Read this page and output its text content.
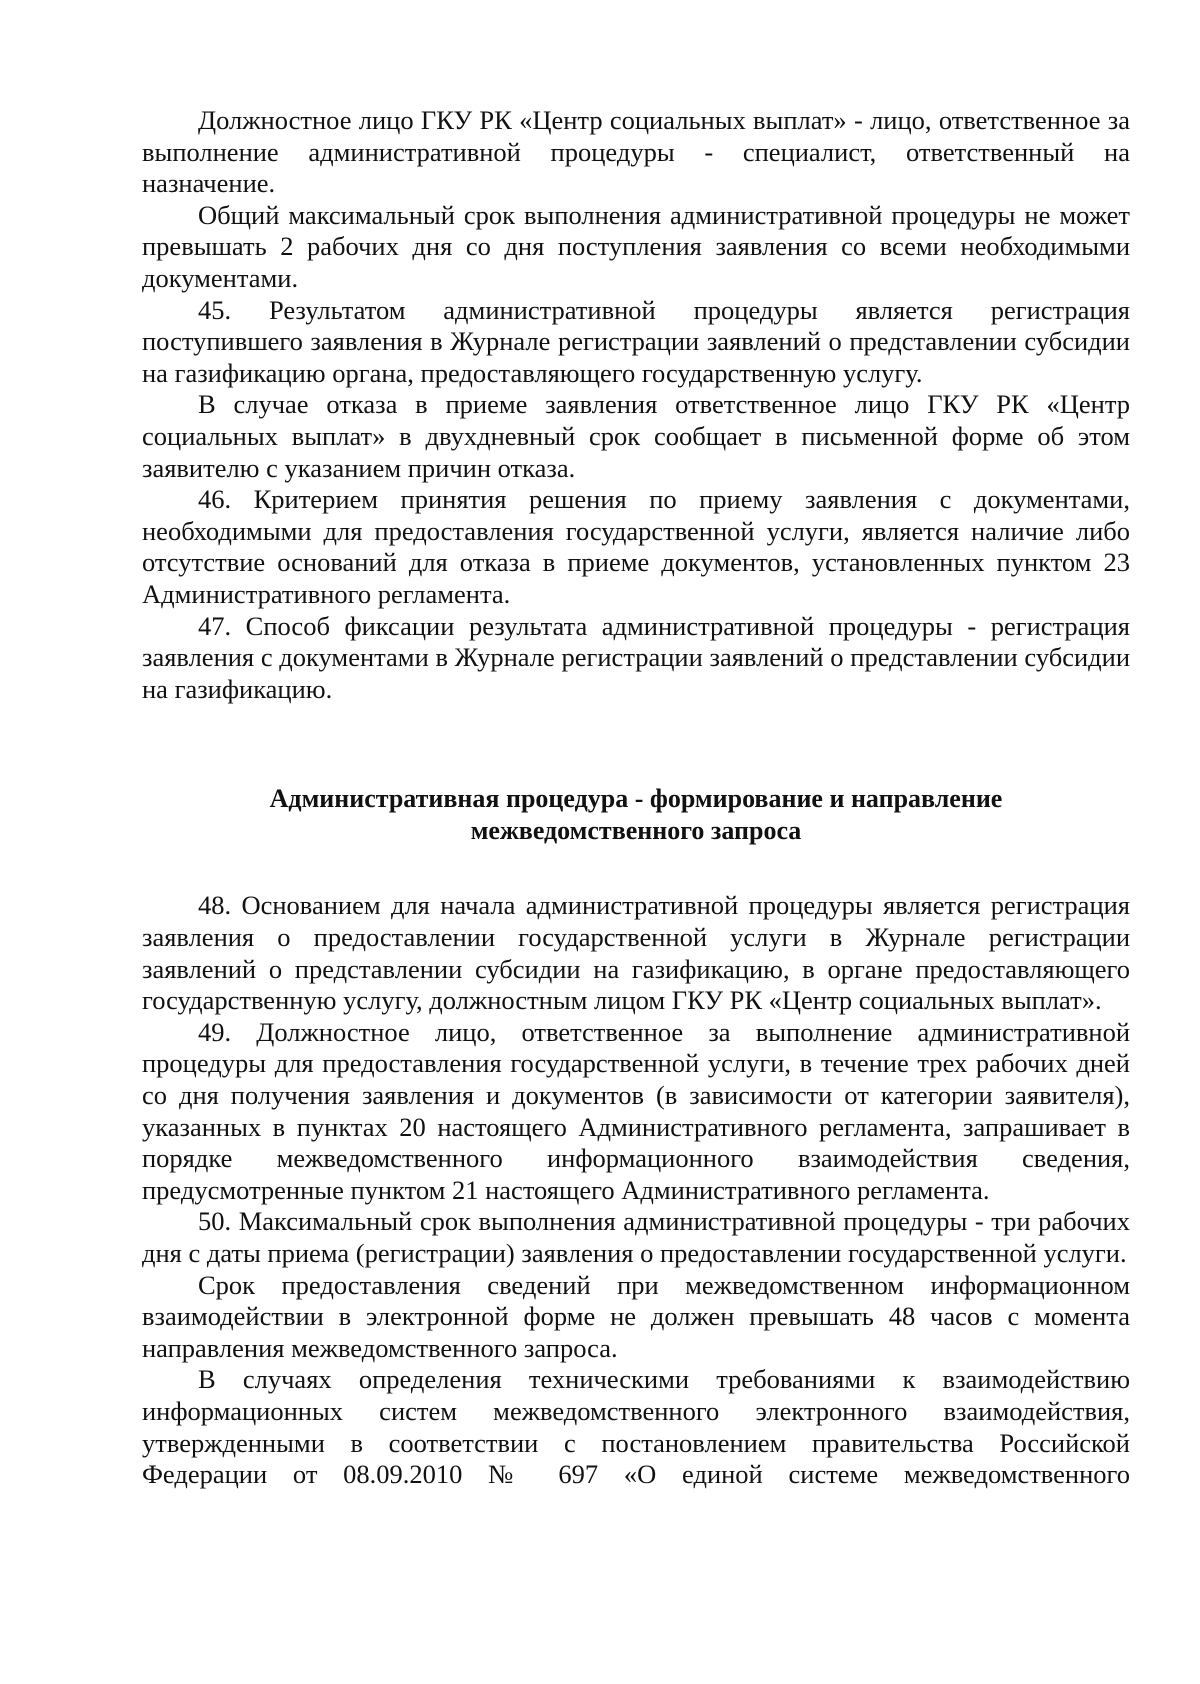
Должностное лицо ГКУ РК «Центр социальных выплат» - лицо, ответственное за выполнение административной процедуры - специалист, ответственный на назначение.

Общий максимальный срок выполнения административной процедуры не может превышать 2 рабочих дня со дня поступления заявления со всеми необходимыми документами.

45. Результатом административной процедуры является регистрация поступившего заявления в Журнале регистрации заявлений о представлении субсидии на газификацию органа, предоставляющего государственную услугу.

В случае отказа в приеме заявления ответственное лицо ГКУ РК «Центр социальных выплат» в двухдневный срок сообщает в письменной форме об этом заявителю с указанием причин отказа.

46. Критерием принятия решения по приему заявления с документами, необходимыми для предоставления государственной услуги, является наличие либо отсутствие оснований для отказа в приеме документов, установленных пунктом 23 Административного регламента.

47. Способ фиксации результата административной процедуры - регистрация заявления с документами в Журнале регистрации заявлений о представлении субсидии на газификацию.

Административная процедура - формирование и направление
межведомственного запроса

48. Основанием для начала административной процедуры является регистрация заявления о предоставлении государственной услуги в Журнале регистрации заявлений о представлении субсидии на газификацию, в органе предоставляющего государственную услугу, должностным лицом ГКУ РК «Центр социальных выплат».

49. Должностное лицо, ответственное за выполнение административной процедуры для предоставления государственной услуги, в течение трех рабочих дней со дня получения заявления и документов (в зависимости от категории заявителя), указанных в пунктах 20 настоящего Административного регламента, запрашивает в порядке межведомственного информационного взаимодействия сведения, предусмотренные пунктом 21 настоящего Административного регламента.

50. Максимальный срок выполнения административной процедуры - три рабочих дня с даты приема (регистрации) заявления о предоставлении государственной услуги.

Срок предоставления сведений при межведомственном информационном взаимодействии в электронной форме не должен превышать 48 часов с момента направления межведомственного запроса.

В случаях определения техническими требованиями к взаимодействию информационных систем межведомственного электронного взаимодействия, утвержденными в соответствии с постановлением правительства Российской Федерации от 08.09.2010 № 697 «О единой системе межведомственного
